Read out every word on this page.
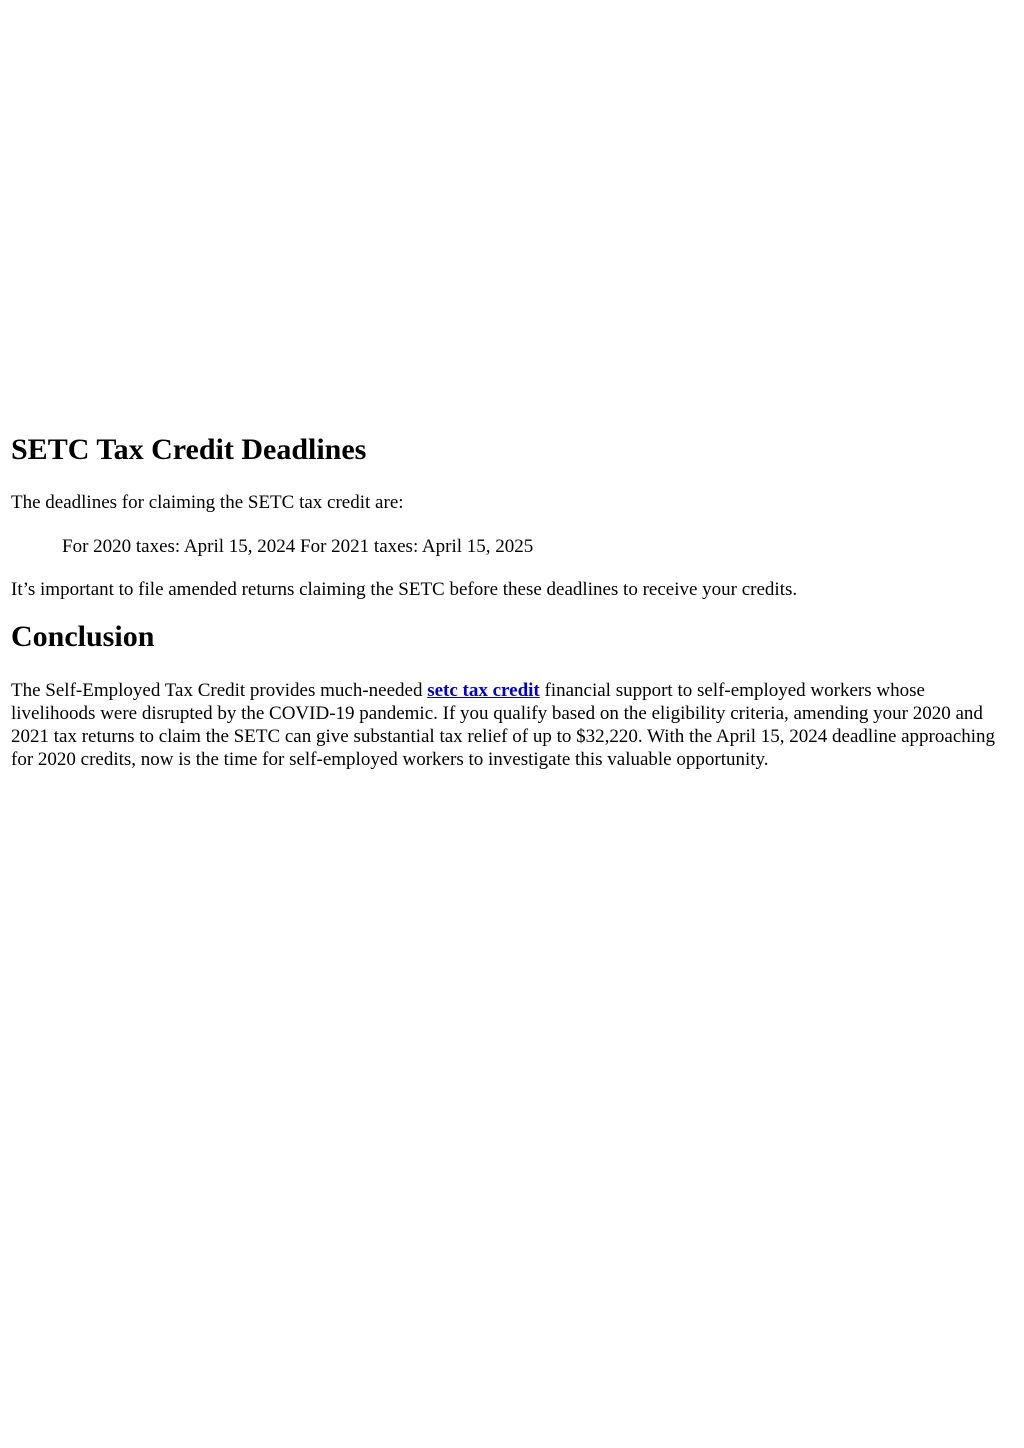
SETC Tax Credit Deadlines

The deadlines for claiming the SETC tax credit are:

For 2020 taxes: April 15, 2024 For 2021 taxes: April 15, 2025

It’s important to file amended returns claiming the SETC before these deadlines to receive your credits.

Conclusion

The Self-Employed Tax Credit provides much-needed setc tax credit financial support to self-employed workers whose livelihoods were disrupted by the COVID-19 pandemic. If you qualify based on the eligibility criteria, amending your 2020 and 2021 tax returns to claim the SETC can give substantial tax relief of up to $32,220. With the April 15, 2024 deadline approaching for 2020 credits, now is the time for self-employed workers to investigate this valuable opportunity.
